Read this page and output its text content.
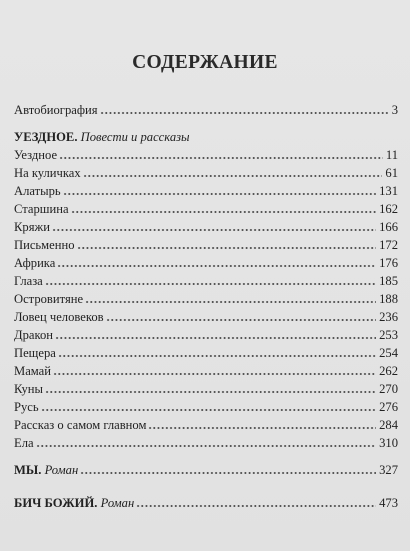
СОДЕРЖАНИЕ
Автобиография	3
УЕЗДНОЕ. Повести и рассказы
Уездное	11
На куличках	61
Алатырь	131
Старшина	162
Кряжи	166
Письменно	172
Африка	176
Глаза	185
Островитяне	188
Ловец человеков	236
Дракон	253
Пещера	254
Мамай	262
Куны	270
Русь	276
Рассказ о самом главном	284
Ела	310
МЫ. Роман	327
БИЧ БОЖИЙ. Роман	473
